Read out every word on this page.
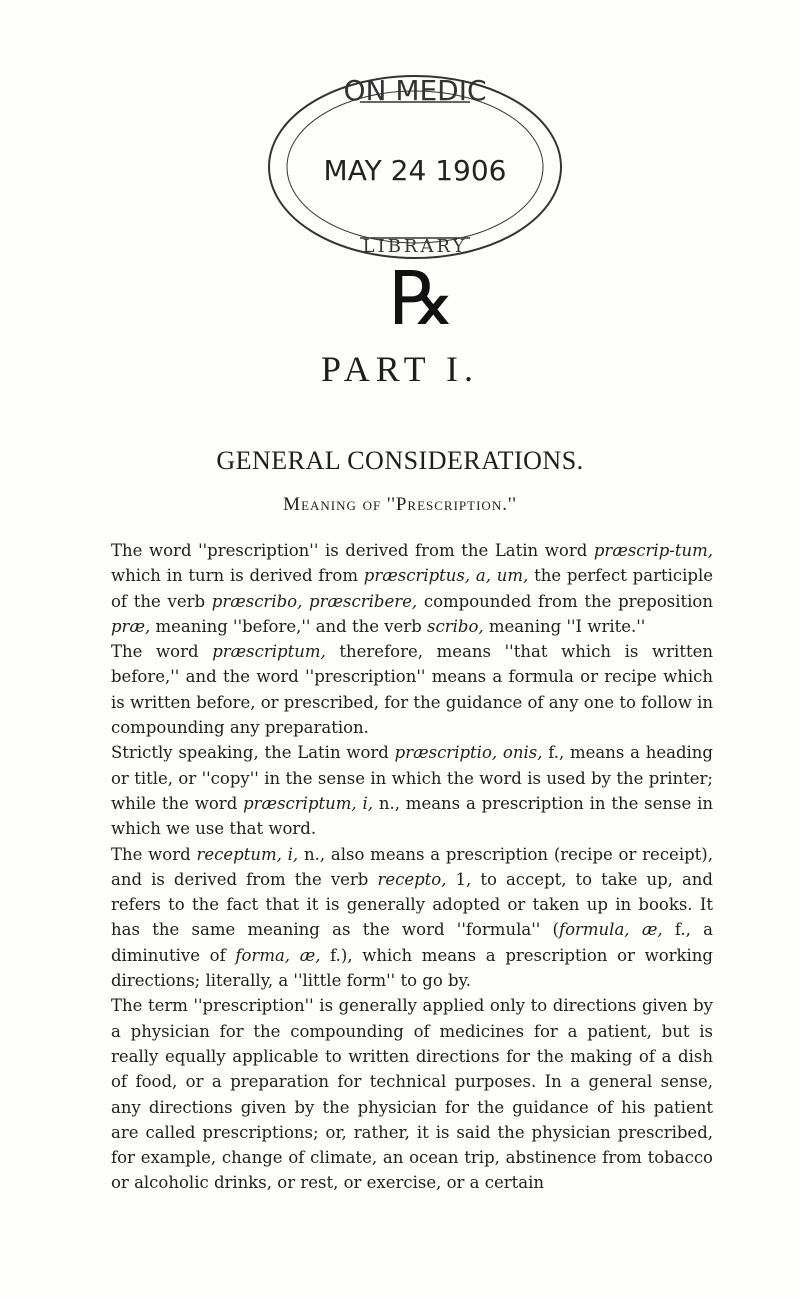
ON MEDIC
MAY 24 1906
LIBRARY
℞
PART I.
GENERAL CONSIDERATIONS.
Meaning of ''Prescription.''

The word ''prescription'' is derived from the Latin word præscrip-tum, which in turn is derived from præscriptus, a, um, the perfect participle of the verb præscribo, præscribere, compounded from the preposition præ, meaning ''before,'' and the verb scribo, meaning ''I write.''

The word præscriptum, therefore, means ''that which is written before,'' and the word ''prescription'' means a formula or recipe which is written before, or prescribed, for the guidance of any one to follow in compounding any preparation.

Strictly speaking, the Latin word præscriptio, onis, f., means a heading or title, or ''copy'' in the sense in which the word is used by the printer; while the word præscriptum, i, n., means a prescription in the sense in which we use that word.

The word receptum, i, n., also means a prescription (recipe or receipt), and is derived from the verb recepto, 1, to accept, to take up, and refers to the fact that it is generally adopted or taken up in books. It has the same meaning as the word ''formula'' (formula, æ, f., a diminutive of forma, æ, f.), which means a prescription or working directions; literally, a ''little form'' to go by.

The term ''prescription'' is generally applied only to directions given by a physician for the compounding of medicines for a patient, but is really equally applicable to written directions for the making of a dish of food, or a preparation for technical purposes. In a general sense, any directions given by the physician for the guidance of his patient are called prescriptions; or, rather, it is said the physician prescribed, for example, change of climate, an ocean trip, abstinence from tobacco or alcoholic drinks, or rest, or exercise, or a certain
